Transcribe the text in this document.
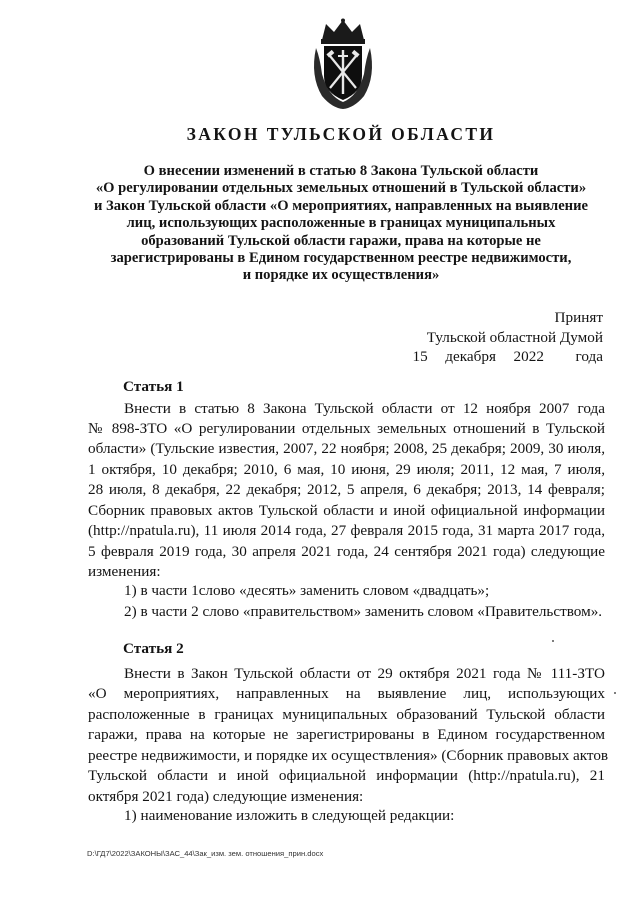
ЗАКОН ТУЛЬСКОЙ ОБЛАСТИ
О внесении изменений в статью 8 Закона Тульской области
«О регулировании отдельных земельных отношений в Тульской области»
и Закон Тульской области «О мероприятиях, направленных на выявление
лиц, использующих расположенные в границах муниципальных
образований Тульской области гаражи, права на которые не
зарегистрированы в Едином государственном реестре недвижимости,
и порядке их осуществления»
Принят
Тульской областной Думой
15 декабря 2022 года
Статья 1
Внести в статью 8 Закона Тульской области от 12 ноября 2007 года
№ 898-ЗТО «О регулировании отдельных земельных отношений в Тульской
области» (Тульские известия, 2007, 22 ноября; 2008, 25 декабря; 2009, 30 июля,
1 октября, 10 декабря; 2010, 6 мая, 10 июня, 29 июля; 2011, 12 мая, 7 июля,
28 июля, 8 декабря, 22 декабря; 2012, 5 апреля, 6 декабря; 2013, 14 февраля;
Сборник правовых актов Тульской области и иной официальной информации
(http://npatula.ru), 11 июля 2014 года, 27 февраля 2015 года, 31 марта 2017 года,
5 февраля 2019 года, 30 апреля 2021 года, 24 сентября 2021 года) следующие
изменения:
1) в части 1слово «десять» заменить словом «двадцать»;
2) в части 2 слово «правительством» заменить словом «Правительством».
Статья 2
Внести в Закон Тульской области от 29 октября 2021 года № 111-ЗТО
«О мероприятиях, направленных на выявление лиц, использующих
расположенные в границах муниципальных образований Тульской области
гаражи, права на которые не зарегистрированы в Едином государственном
реестре недвижимости, и порядке их осуществления» (Сборник правовых актов
Тульской области и иной официальной информации (http://npatula.ru), 21
октября 2021 года) следующие изменения:
1) наименование изложить в следующей редакции:
D:\ГД7\2022\ЗАКОНЫ\ЗАС_44\Зак_изм. зем. отношения_прин.docx
